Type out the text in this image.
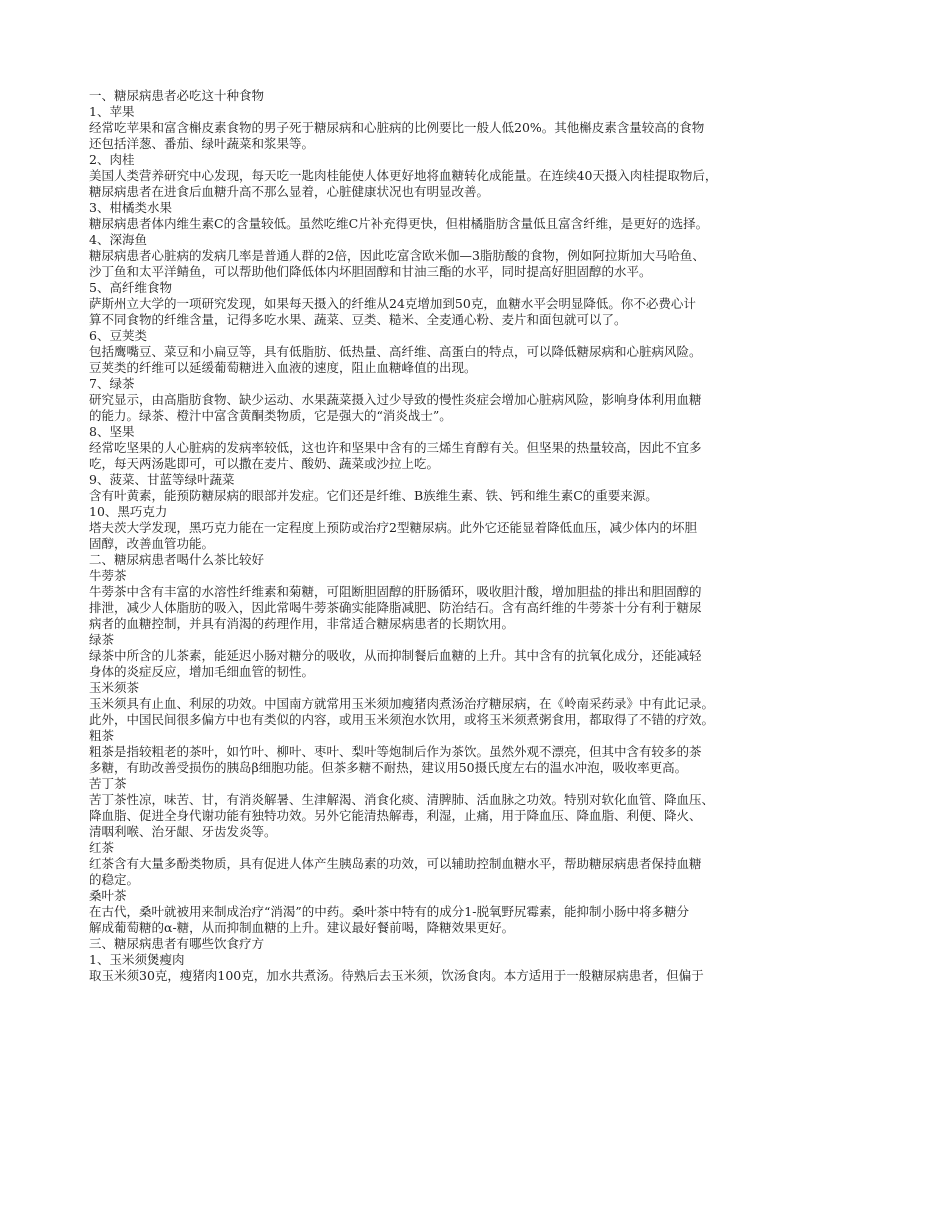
一、糖尿病患者必吃这十种食物
1、苹果
经常吃苹果和富含槲皮素食物的男子死于糖尿病和心脏病的比例要比一般人低20%。其他槲皮素含量较高的食物
还包括洋葱、番茄、绿叶蔬菜和浆果等。
2、肉桂
美国人类营养研究中心发现，每天吃一匙肉桂能使人体更好地将血糖转化成能量。在连续40天摄入肉桂提取物后，
糖尿病患者在进食后血糖升高不那么显着，心脏健康状况也有明显改善。
3、柑橘类水果
糖尿病患者体内维生素C的含量较低。虽然吃维C片补充得更快，但柑橘脂肪含量低且富含纤维，是更好的选择。
4、深海鱼
糖尿病患者心脏病的发病几率是普通人群的2倍，因此吃富含欧米伽—3脂肪酸的食物，例如阿拉斯加大马哈鱼、
沙丁鱼和太平洋鲭鱼，可以帮助他们降低体内坏胆固醇和甘油三酯的水平，同时提高好胆固醇的水平。
5、高纤维食物
萨斯州立大学的一项研究发现，如果每天摄入的纤维从24克增加到50克，血糖水平会明显降低。你不必费心计
算不同食物的纤维含量，记得多吃水果、蔬菜、豆类、糙米、全麦通心粉、麦片和面包就可以了。
6、豆荚类
包括鹰嘴豆、菜豆和小扁豆等，具有低脂肪、低热量、高纤维、高蛋白的特点，可以降低糖尿病和心脏病风险。
豆荚类的纤维可以延缓葡萄糖进入血液的速度，阻止血糖峰值的出现。
7、绿茶
研究显示，由高脂肪食物、缺少运动、水果蔬菜摄入过少导致的慢性炎症会增加心脏病风险，影响身体利用血糖
的能力。绿茶、橙汁中富含黄酮类物质，它是强大的“消炎战士”。
8、坚果
经常吃坚果的人心脏病的发病率较低，这也许和坚果中含有的三烯生育醇有关。但坚果的热量较高，因此不宜多
吃，每天两汤匙即可，可以撒在麦片、酸奶、蔬菜或沙拉上吃。
9、菠菜、甘蓝等绿叶蔬菜
含有叶黄素，能预防糖尿病的眼部并发症。它们还是纤维、B族维生素、铁、钙和维生素C的重要来源。
10、黑巧克力
塔夫茨大学发现，黑巧克力能在一定程度上预防或治疗2型糖尿病。此外它还能显着降低血压，减少体内的坏胆
固醇，改善血管功能。
二、糖尿病患者喝什么茶比较好
牛蒡茶
牛蒡茶中含有丰富的水溶性纤维素和菊糖，可阻断胆固醇的肝肠循环，吸收胆汁酸，增加胆盐的排出和胆固醇的
排泄，减少人体脂肪的吸入，因此常喝牛蒡茶确实能降脂减肥、防治结石。含有高纤维的牛蒡茶十分有利于糖尿
病者的血糖控制，并具有消渴的药理作用，非常适合糖尿病患者的长期饮用。
绿茶
绿茶中所含的儿茶素，能延迟小肠对糖分的吸收，从而抑制餐后血糖的上升。其中含有的抗氧化成分，还能减轻
身体的炎症反应，增加毛细血管的韧性。
玉米须茶
玉米须具有止血、利尿的功效。中国南方就常用玉米须加瘦猪肉煮汤治疗糖尿病，在《岭南采药录》中有此记录。
此外，中国民间很多偏方中也有类似的内容，或用玉米须泡水饮用，或将玉米须煮粥食用，都取得了不错的疗效。
粗茶
粗茶是指较粗老的茶叶，如竹叶、柳叶、枣叶、梨叶等炮制后作为茶饮。虽然外观不漂亮，但其中含有较多的茶
多糖，有助改善受损伤的胰岛β细胞功能。但茶多糖不耐热，建议用50摄氏度左右的温水冲泡，吸收率更高。
苦丁茶
苦丁茶性凉，味苦、甘，有消炎解暑、生津解渴、消食化痰、清脾肺、活血脉之功效。特别对软化血管、降血压、
降血脂、促进全身代谢功能有独特功效。另外它能清热解毒，利湿，止痛，用于降血压、降血脂、利便、降火、
清咽利喉、治牙龈、牙齿发炎等。
红茶
红茶含有大量多酚类物质，具有促进人体产生胰岛素的功效，可以辅助控制血糖水平，帮助糖尿病患者保持血糖
的稳定。
桑叶茶
在古代，桑叶就被用来制成治疗“消渴”的中药。桑叶茶中特有的成分1-脱氧野尻霉素，能抑制小肠中将多糖分
解成葡萄糖的α-糖，从而抑制血糖的上升。建议最好餐前喝，降糖效果更好。
三、糖尿病患者有哪些饮食疗方
1、玉米须煲瘦肉
取玉米须30克，瘦猪肉100克，加水共煮汤。待熟后去玉米须，饮汤食肉。本方适用于一般糖尿病患者，但偏于
